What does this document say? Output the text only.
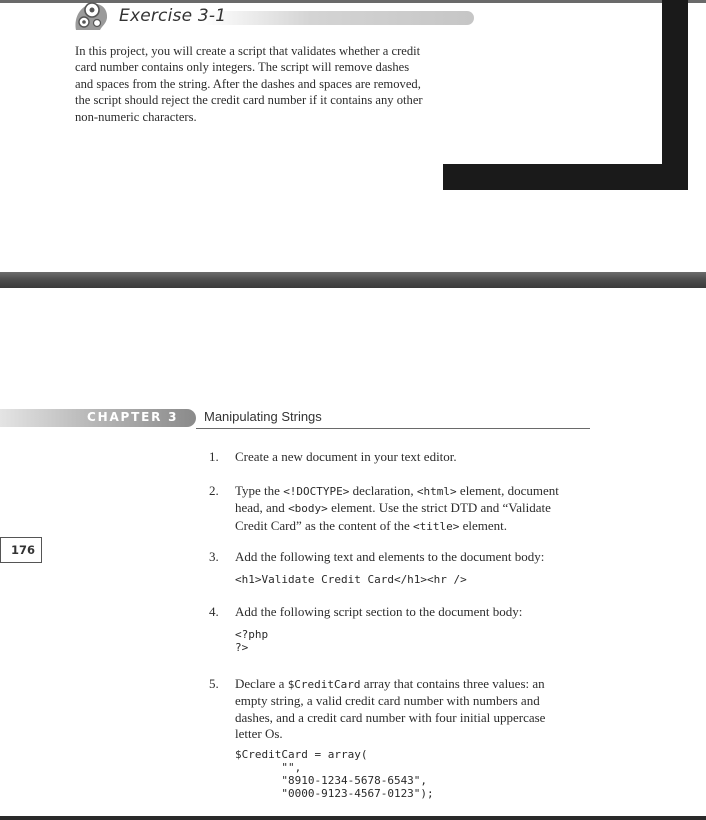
Exercise 3-1
In this project, you will create a script that validates whether a credit
card number contains only integers. The script will remove dashes
and spaces from the string. After the dashes and spaces are removed,
the script should reject the credit card number if it contains any other
non-numeric characters.
CHAPTER 3 Manipulating Strings
176
1. Create a new document in your text editor.
2. Type the <!DOCTYPE> declaration, <html> element, document
head, and <body> element. Use the strict DTD and “Validate
Credit Card” as the content of the <title> element.
3. Add the following text and elements to the document body:
<h1>Validate Credit Card</h1><hr />
4. Add the following script section to the document body:
<?php
?>
5. Declare a $CreditCard array that contains three values: an
empty string, a valid credit card number with numbers and
dashes, and a credit card number with four initial uppercase
letter Os.
$CreditCard = array(
"",
"8910-1234-5678-6543",
"0000-9123-4567-0123");
